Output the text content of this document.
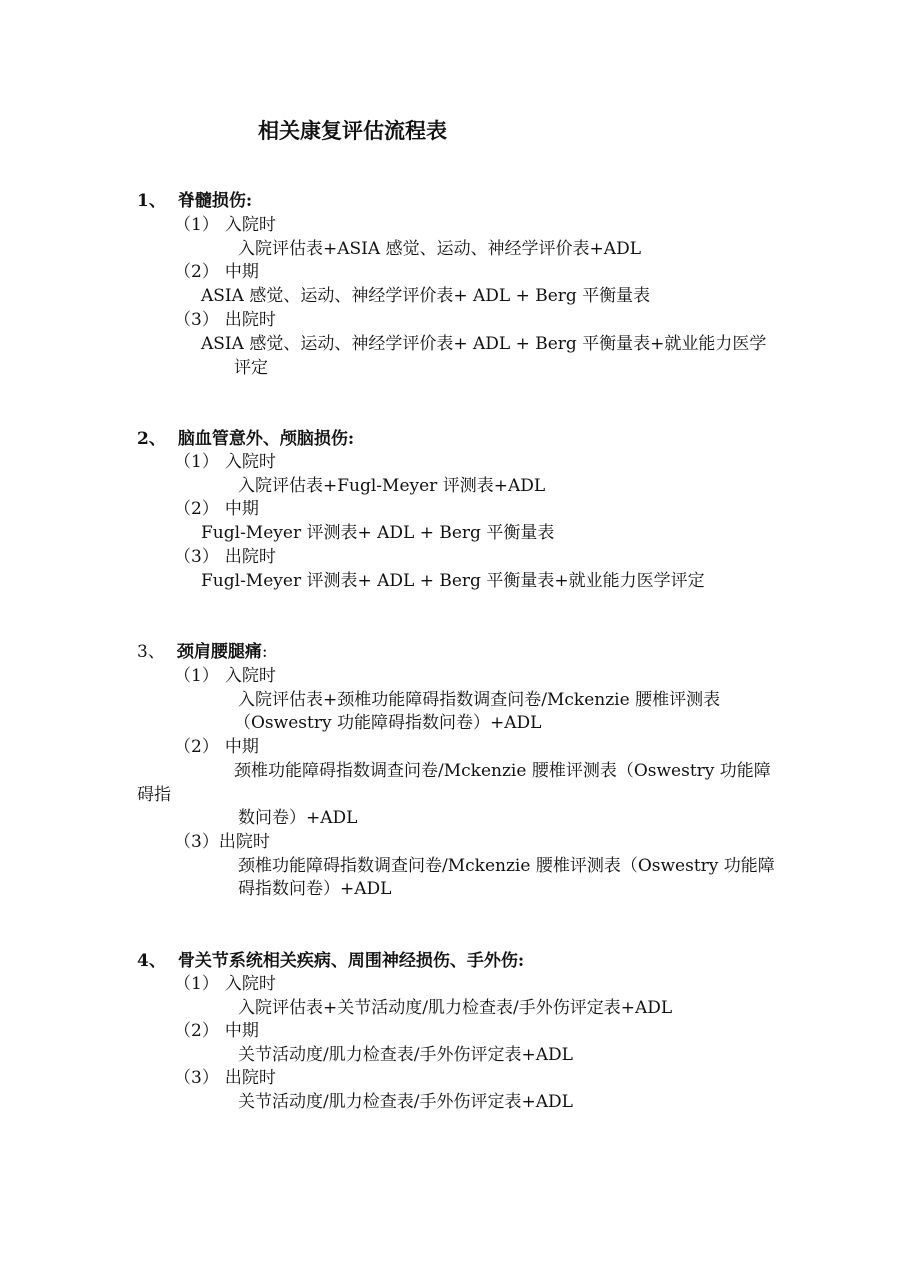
相关康复评估流程表
1、 脊髓损伤:
（1） 入院时
入院评估表+ASIA 感觉、运动、神经学评价表+ADL
（2） 中期
ASIA 感觉、运动、神经学评价表+ ADL + Berg 平衡量表
（3） 出院时
ASIA 感觉、运动、神经学评价表+ ADL + Berg 平衡量表+就业能力医学
评定
2、 脑血管意外、颅脑损伤:
（1） 入院时
入院评估表+Fugl-Meyer 评测表+ADL
（2） 中期
Fugl-Meyer 评测表+ ADL + Berg 平衡量表
（3） 出院时
Fugl-Meyer 评测表+ ADL + Berg 平衡量表+就业能力医学评定
3、 颈肩腰腿痛:
（1） 入院时
入院评估表+颈椎功能障碍指数调查问卷/Mckenzie 腰椎评测表
（Oswestry 功能障碍指数问卷）+ADL
（2） 中期
颈椎功能障碍指数调查问卷/Mckenzie 腰椎评测表（Oswestry 功能障
碍指
数问卷）+ADL
（3）出院时
颈椎功能障碍指数调查问卷/Mckenzie 腰椎评测表（Oswestry 功能障
碍指数问卷）+ADL
4、 骨关节系统相关疾病、周围神经损伤、手外伤:
（1） 入院时
入院评估表+关节活动度/肌力检查表/手外伤评定表+ADL
（2） 中期
关节活动度/肌力检查表/手外伤评定表+ADL
（3） 出院时
关节活动度/肌力检查表/手外伤评定表+ADL
